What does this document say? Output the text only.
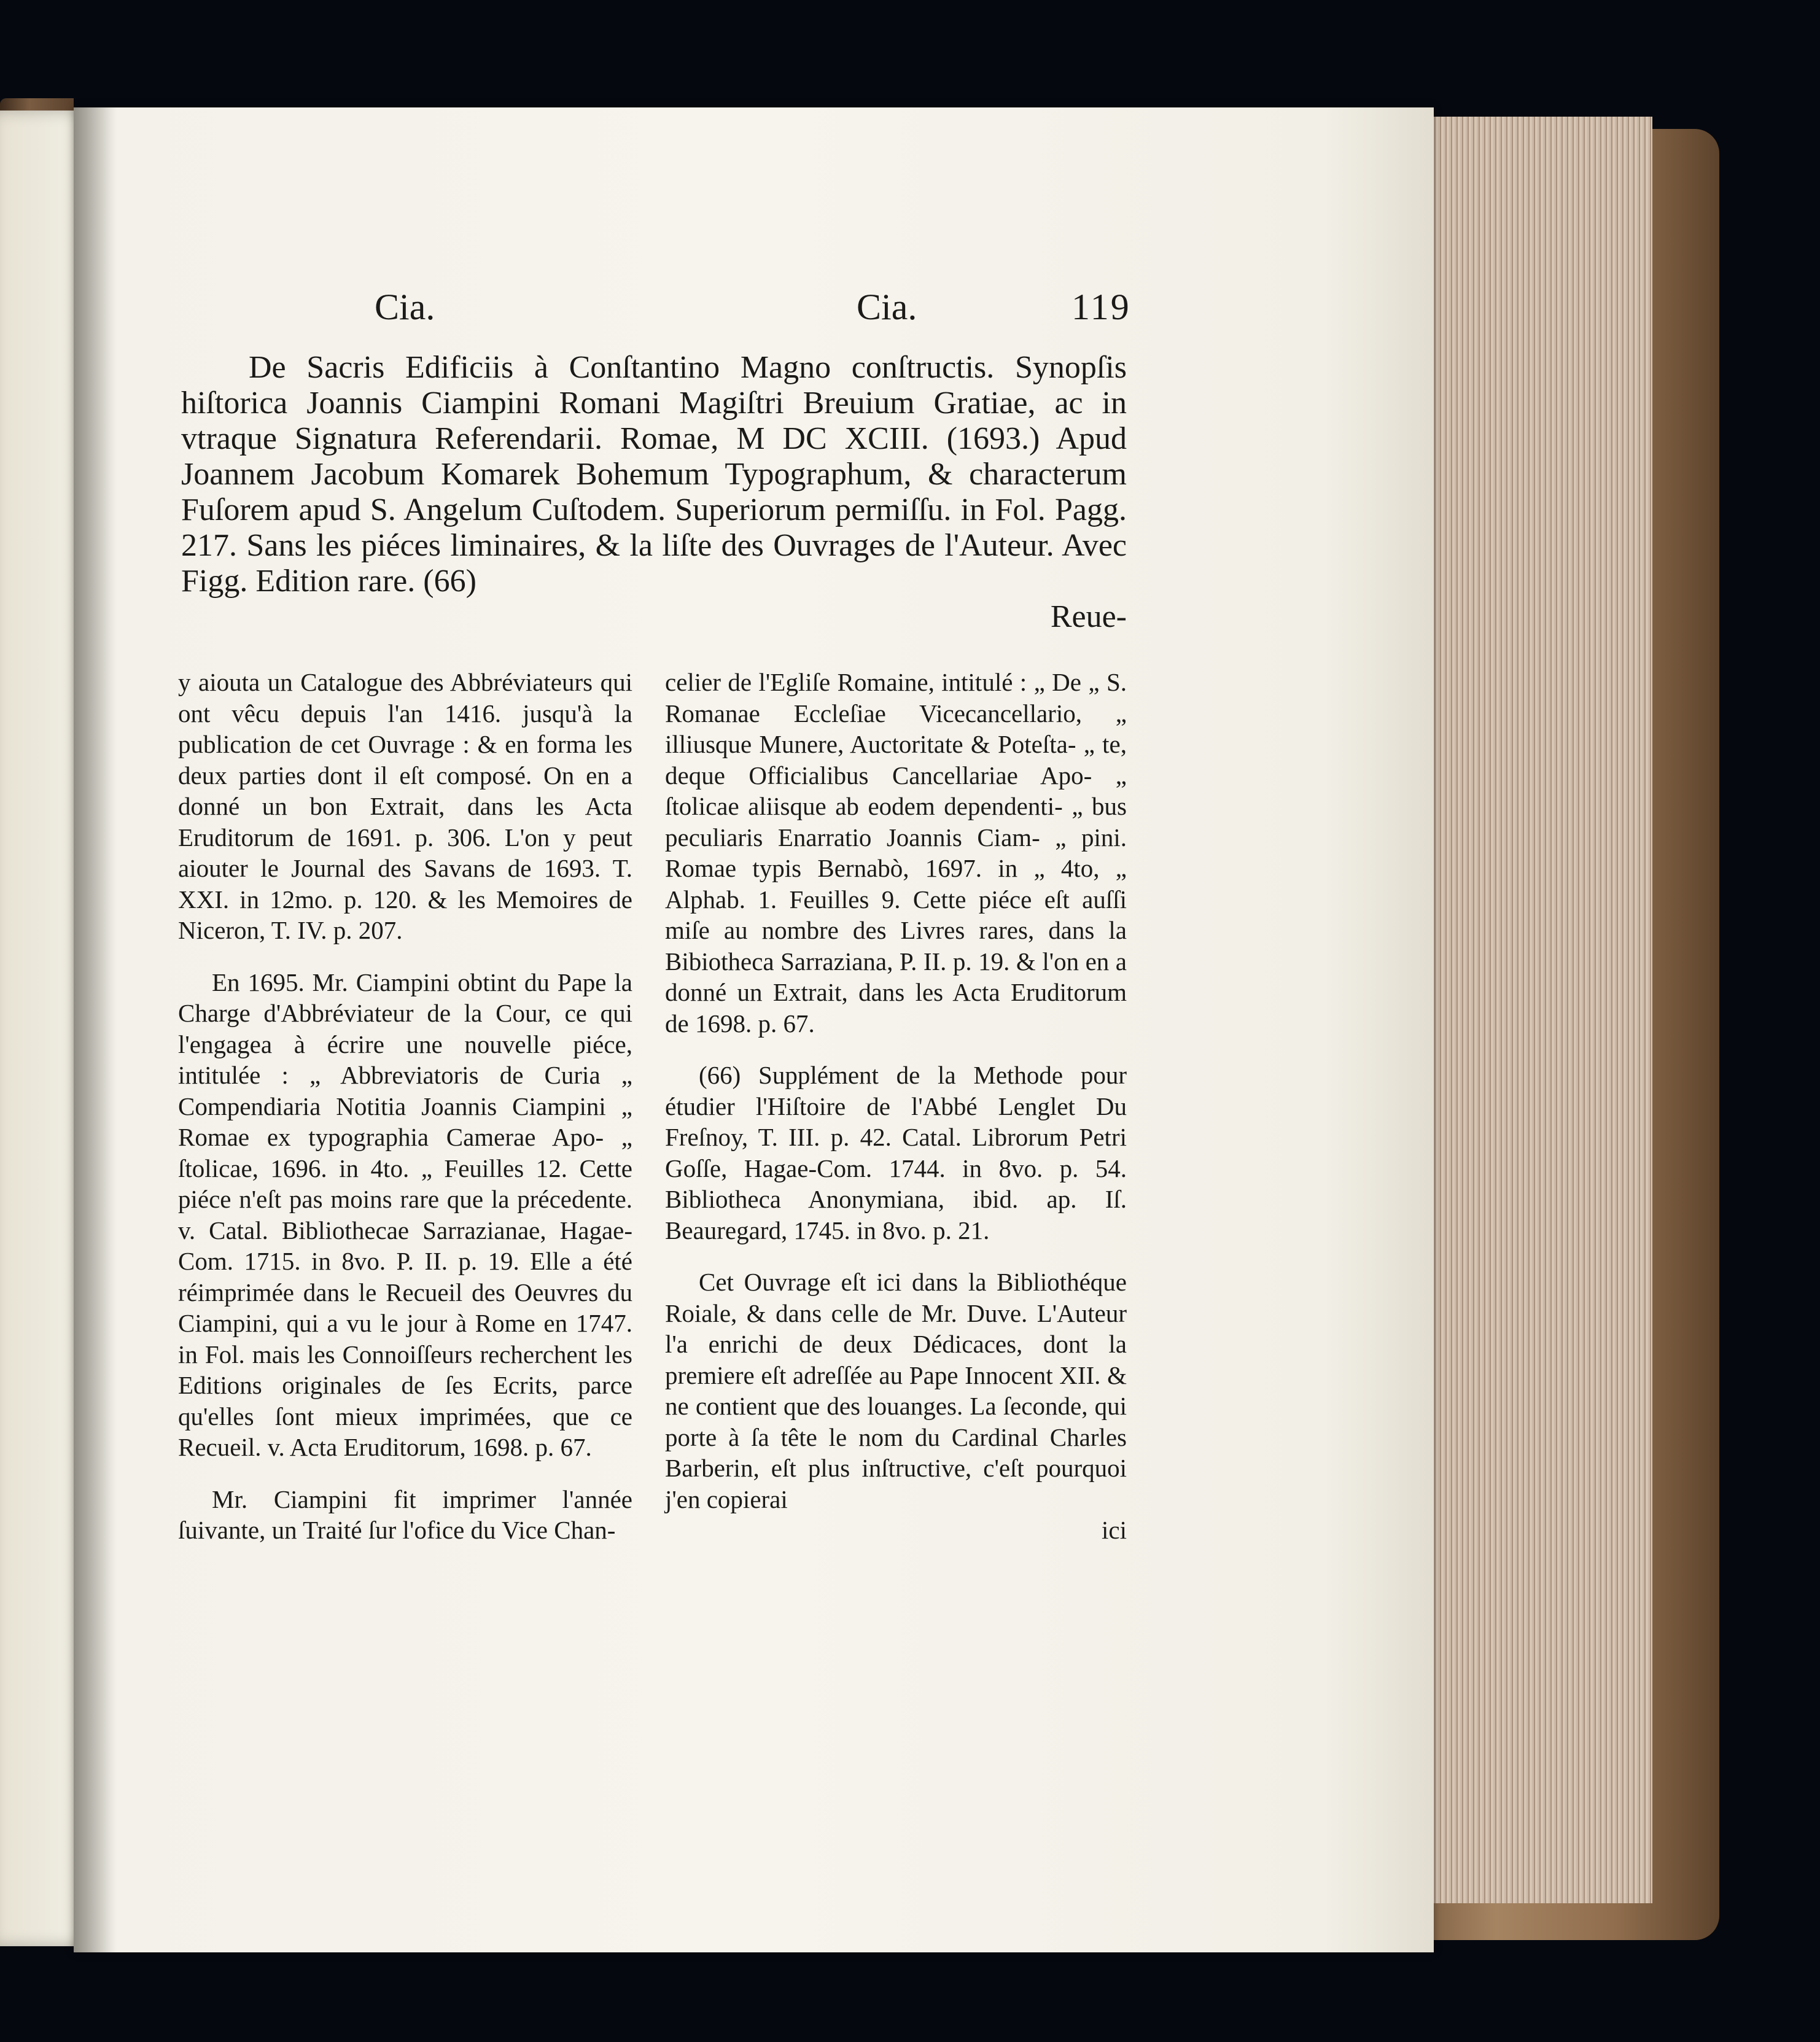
Cia.	Cia.	119

De Sacris Edificiis à Conſtantino Magno conſtructis. Synopſis hiſtorica Joannis Ciampini Romani Magiſtri Breuium Gratiae, ac in vtraque Signatura Referendarii. Romae, M DC XCIII. (1693.) Apud Joannem Jacobum Komarek Bohemum Typographum, & characterum Fuſorem apud S. Angelum Cuſtodem. Superiorum permiſſu. in Fol. Pagg. 217. Sans les piéces liminaires, & la liſte des Ouvrages de l'Auteur. Avec Figg. Edition rare. (66)

Reue-

y aiouta un Catalogue des Abbréviateurs qui ont vêcu depuis l'an 1416. jusqu'à la publication de cet Ouvrage : & en forma les deux parties dont il eſt composé. On en a donné un bon Extrait, dans les Acta Eruditorum de 1691. p. 306. L'on y peut aiouter le Journal des Savans de 1693. T. XXI. in 12mo. p. 120. & les Memoires de Niceron, T. IV. p. 207.

En 1695. Mr. Ciampini obtint du Pape la Charge d'Abbréviateur de la Cour, ce qui l'engagea à écrire une nouvelle piéce, intitulée : „ Abbreviatoris de Curia „ Compendiaria Notitia Joannis Ciampini „ Romae ex typographia Camerae Apo- „ ſtolicae, 1696. in 4to. „ Feuilles 12. Cette piéce n'eſt pas moins rare que la précedente. v. Catal. Bibliothecae Sarrazianae, Hagae-Com. 1715. in 8vo. P. II. p. 19. Elle a été réimprimée dans le Recueil des Oeuvres du Ciampini, qui a vu le jour à Rome en 1747. in Fol. mais les Connoiſſeurs recherchent les Editions originales de ſes Ecrits, parce qu'elles ſont mieux imprimées, que ce Recueil. v. Acta Eruditorum, 1698. p. 67.

Mr. Ciampini fit imprimer l'année ſuivante, un Traité ſur l'ofice du Vice Chan-

celier de l'Egliſe Romaine, intitulé : „ De „ S. Romanae Eccleſiae Vicecancellario, „ illiusque Munere, Auctoritate & Poteſta- „ te, deque Officialibus Cancellariae Apo- „ ſtolicae aliisque ab eodem dependenti- „ bus peculiaris Enarratio Joannis Ciam- „ pini. Romae typis Bernabò, 1697. in „ 4to, „ Alphab. 1. Feuilles 9. Cette piéce eſt auſſi miſe au nombre des Livres rares, dans la Bibiotheca Sarraziana, P. II. p. 19. & l'on en a donné un Extrait, dans les Acta Eruditorum de 1698. p. 67.

(66) Supplément de la Methode pour étudier l'Hiſtoire de l'Abbé Lenglet Du Freſnoy, T. III. p. 42. Catal. Librorum Petri Goſſe, Hagae-Com. 1744. in 8vo. p. 54. Bibliotheca Anonymiana, ibid. ap. Iſ. Beauregard, 1745. in 8vo. p. 21.

Cet Ouvrage eſt ici dans la Bibliothéque Roiale, & dans celle de Mr. Duve. L'Auteur l'a enrichi de deux Dédicaces, dont la premiere eſt adreſſée au Pape Innocent XII. & ne contient que des louanges. La ſeconde, qui porte à ſa tête le nom du Cardinal Charles Barberin, eſt plus inſtructive, c'eſt pourquoi j'en copierai

ici
